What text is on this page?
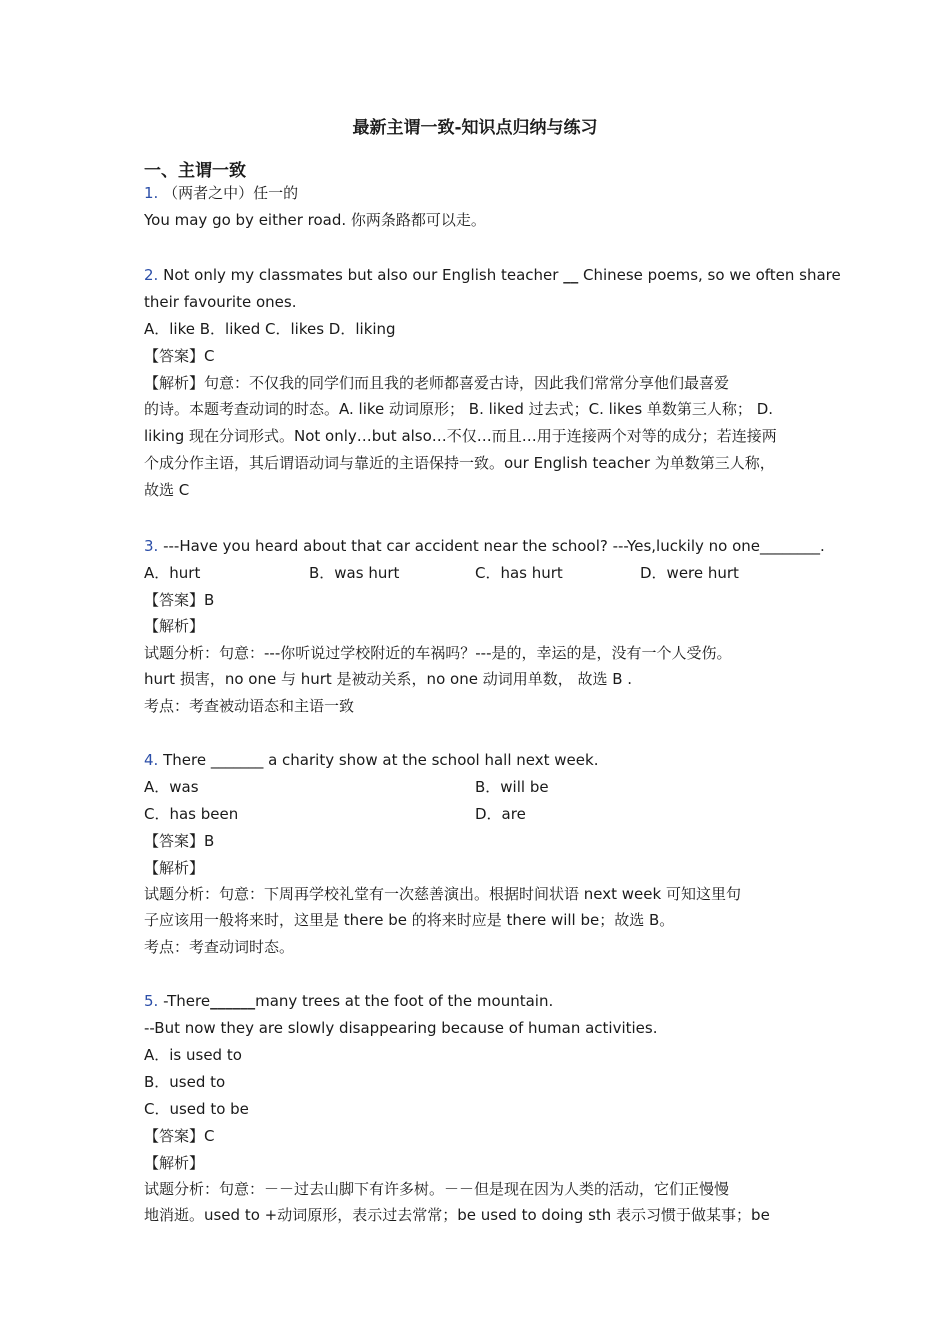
最新主谓一致-知识点归纳与练习
一、主谓一致
1. （两者之中）任一的
You may go by either road. 你两条路都可以走。
2. Not only my classmates but also our English teacher __ Chinese poems, so we often share
their favourite ones.
A．like B．liked C．likes D．liking
【答案】C
【解析】句意：不仅我的同学们而且我的老师都喜爱古诗，因此我们常常分享他们最喜爱
的诗。本题考查动词的时态。A. like 动词原形； B. liked 过去式；C. likes 单数第三人称； D.
liking 现在分词形式。Not only…but also…不仅…而且…用于连接两个对等的成分；若连接两
个成分作主语，其后谓语动词与靠近的主语保持一致。our English teacher 为单数第三人称，
故选 C
3. ---Have you heard about that car accident near the school? ---Yes,luckily no one________.
A．hurt	B．was hurt	C．has hurt	D．were hurt
【答案】B
【解析】
试题分析：句意：---你听说过学校附近的车祸吗？---是的，幸运的是，没有一个人受伤。
hurt 损害，no one 与 hurt 是被动关系，no one 动词用单数， 故选 B .
考点：考查被动语态和主语一致
4. There _______ a charity show at the school hall next week.
A．was	B．will be
C．has been	D．are
【答案】B
【解析】
试题分析：句意：下周再学校礼堂有一次慈善演出。根据时间状语 next week 可知这里句
子应该用一般将来时，这里是 there be 的将来时应是 there will be；故选 B。
考点：考查动词时态。
5. -There______many trees at the foot of the mountain.
--But now they are slowly disappearing because of human activities.
A．is used to
B．used to
C．used to be
【答案】C
【解析】
试题分析：句意：－－过去山脚下有许多树。－－但是现在因为人类的活动，它们正慢慢
地消逝。used to +动词原形，表示过去常常；be used to doing sth 表示习惯于做某事；be
